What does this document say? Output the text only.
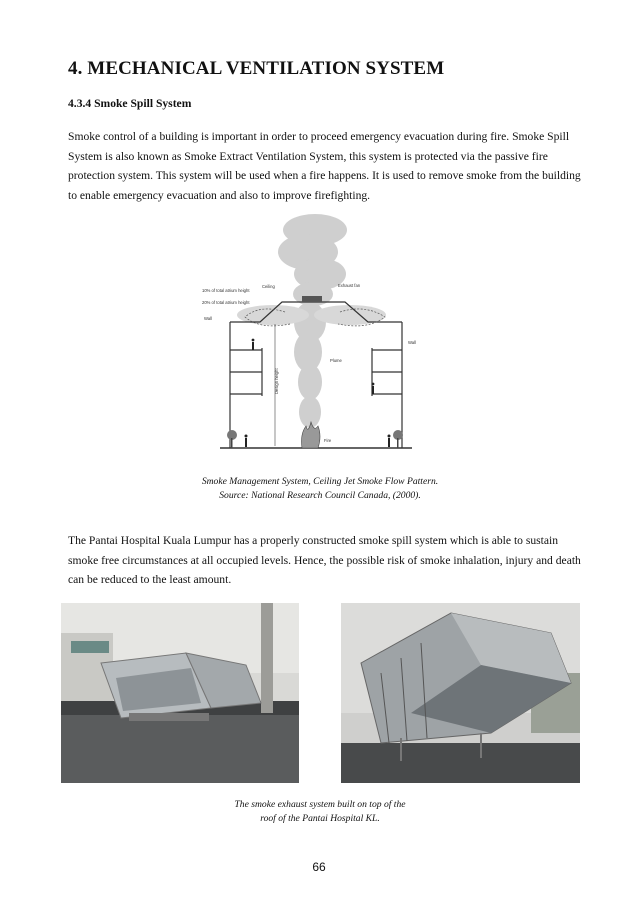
4. MECHANICAL VENTILATION SYSTEM
4.3.4 Smoke Spill System

Smoke control of a building is important in order to proceed emergency evacuation during fire. Smoke Spill System is also known as Smoke Extract Ventilation System, this system is protected via the passive fire protection system. This system will be used when a fire happens. It is used to remove smoke from the building to enable emergency evacuation and also to improve firefighting.

Exhaust fan
Ceiling
10% of total atrium height
20% of total atrium height
Wall
Wall
Plume
Design height
Fire
Smoke Management System, Ceiling Jet Smoke Flow Pattern.
Source: National Research Council Canada, (2000).

The Pantai Hospital Kuala Lumpur has a properly constructed smoke spill system which is able to sustain smoke free circumstances at all occupied levels. Hence, the possible risk of smoke inhalation, injury and death can be reduced to the least amount.

The smoke exhaust system built on top of the
roof of the Pantai Hospital KL.
66
